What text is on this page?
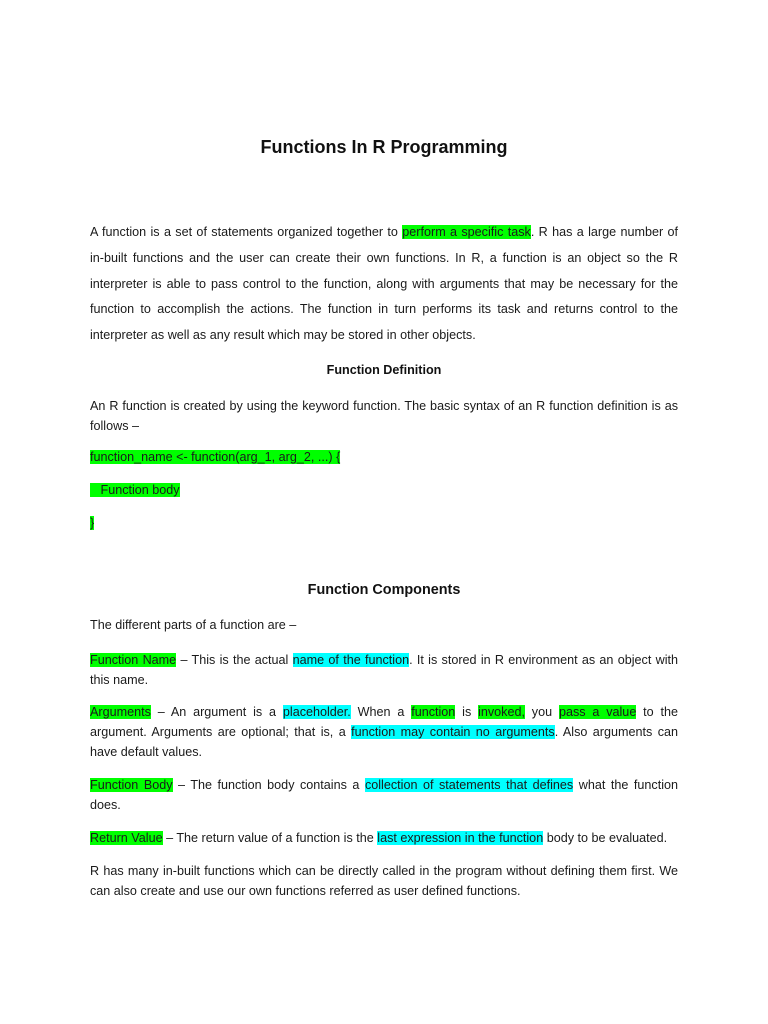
Functions In R Programming

A function is a set of statements organized together to perform a specific task. R has a large number of in-built functions and the user can create their own functions. In R, a function is an object so the R interpreter is able to pass control to the function, along with arguments that may be necessary for the function to accomplish the actions. The function in turn performs its task and returns control to the interpreter as well as any result which may be stored in other objects.

Function Definition

An R function is created by using the keyword function. The basic syntax of an R function definition is as follows –

function_name <- function(arg_1, arg_2, ...) {
Function body
}
Function Components

The different parts of a function are –

Function Name – This is the actual name of the function. It is stored in R environment as an object with this name.

Arguments – An argument is a placeholder. When a function is invoked, you pass a value to the argument. Arguments are optional; that is, a function may contain no arguments. Also arguments can have default values.

Function Body – The function body contains a collection of statements that defines what the function does.

Return Value – The return value of a function is the last expression in the function body to be evaluated.

R has many in-built functions which can be directly called in the program without defining them first. We can also create and use our own functions referred as user defined functions.
